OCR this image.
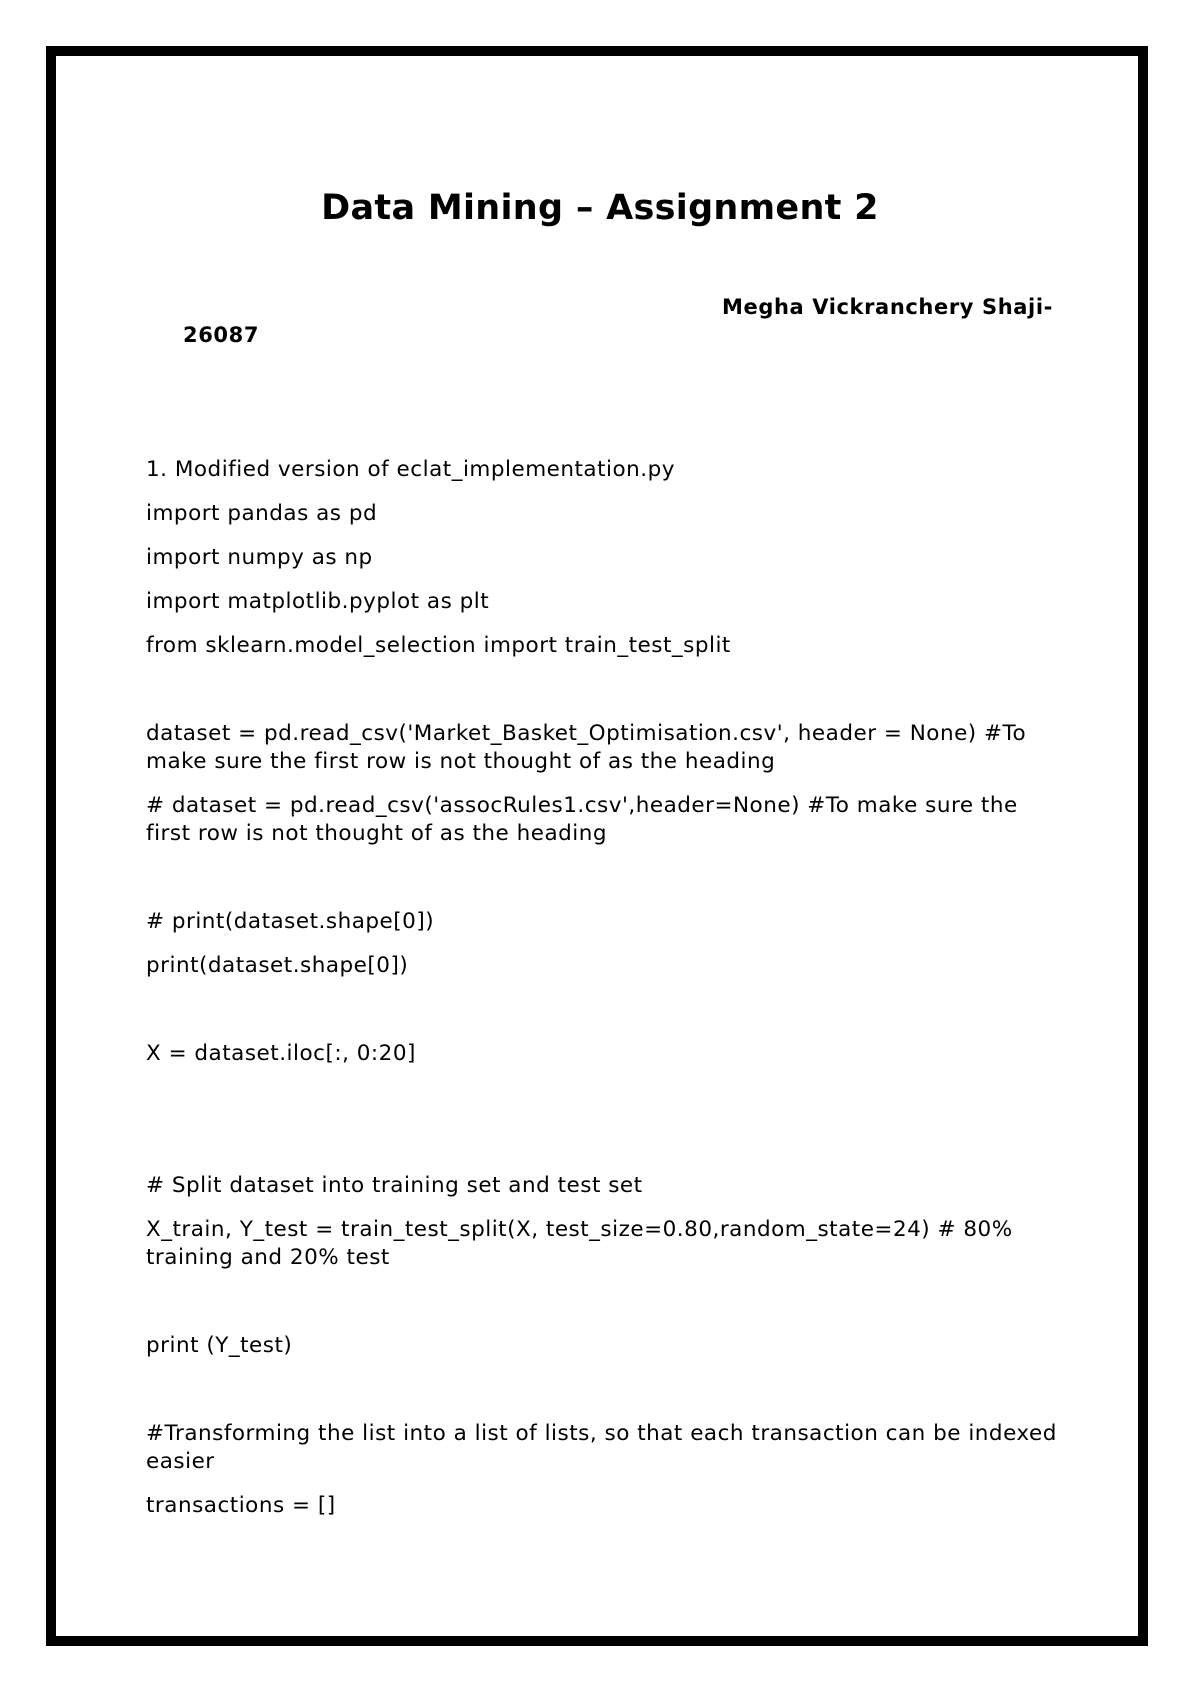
Data Mining – Assignment 2
Megha Vickranchery Shaji-
26087
1. Modified version of eclat_implementation.py
import pandas as pd
import numpy as np
import matplotlib.pyplot as plt
from sklearn.model_selection import train_test_split
dataset = pd.read_csv('Market_Basket_Optimisation.csv', header = None) #To make sure the first row is not thought of as the heading
# dataset = pd.read_csv('assocRules1.csv',header=None) #To make sure the first row is not thought of as the heading
# print(dataset.shape[0])
print(dataset.shape[0])
X = dataset.iloc[:, 0:20]
# Split dataset into training set and test set
X_train, Y_test = train_test_split(X, test_size=0.80,random_state=24) # 80% training and 20% test
print (Y_test)
#Transforming the list into a list of lists, so that each transaction can be indexed easier
transactions = []
